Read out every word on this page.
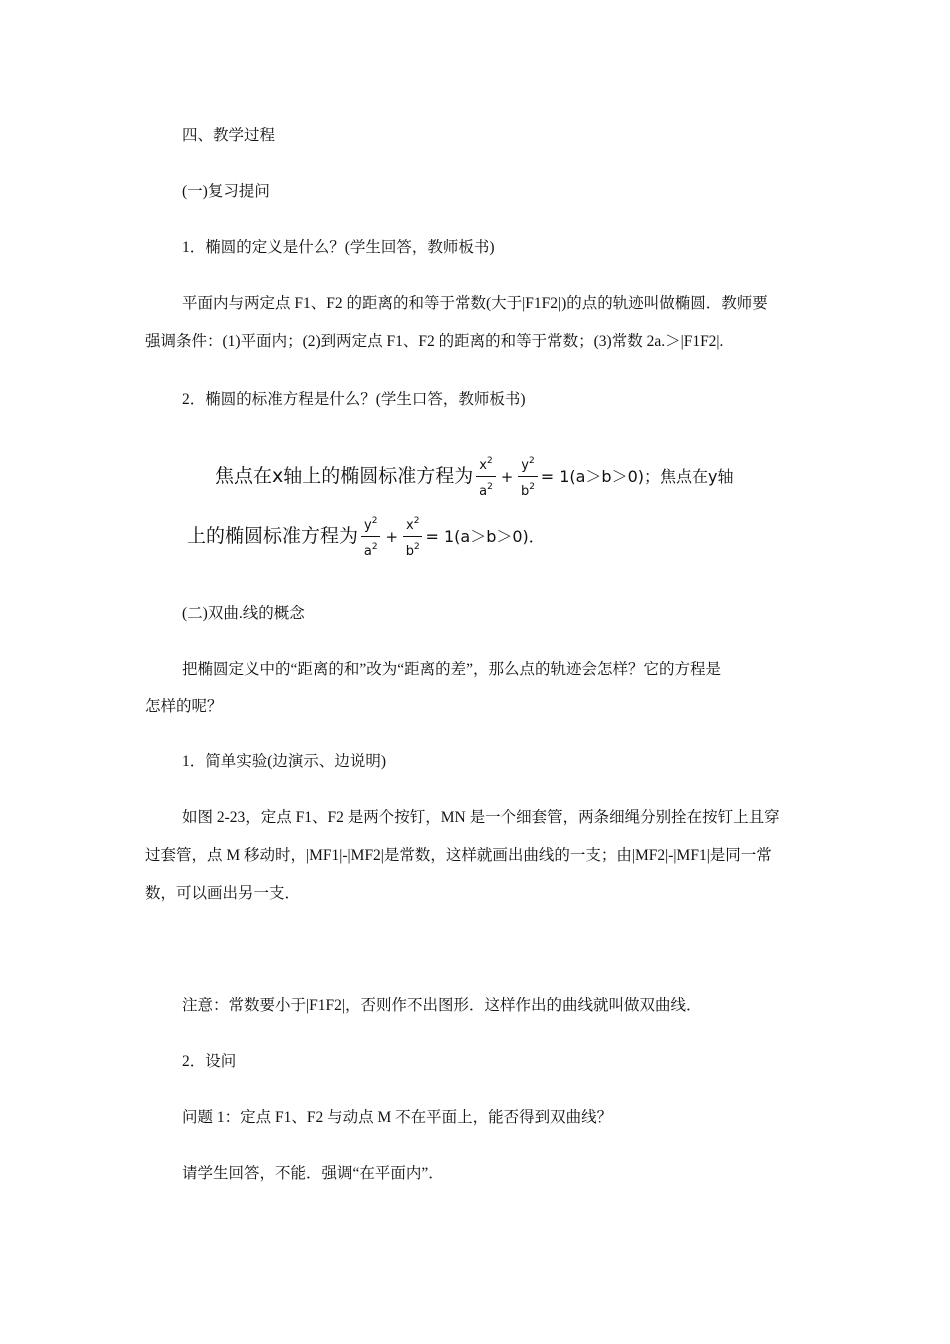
四、教学过程
(一)复习提问
1．椭圆的定义是什么？(学生回答，教师板书)
平面内与两定点 F1、F2 的距离的和等于常数(大于|F1F2|)的点的轨迹叫做椭圆．教师要
强调条件：(1)平面内；(2)到两定点 F1、F2 的距离的和等于常数；(3)常数 2a.＞|F1F2|.
2．椭圆的标准方程是什么？(学生口答，教师板书)
焦点在x轴上的椭圆标准方程为 $\frac{x^2}{a^2} + \frac{y^2}{b^2} = 1(a>b>0)$；焦点在y轴
上的椭圆标准方程为 $\frac{y^2}{a^2} + \frac{x^2}{b^2} = 1(a>b>0)$．
(二)双曲.线的概念
把椭圆定义中的“距离的和”改为“距离的差”，那么点的轨迹会怎样？它的方程是
怎样的呢？
1．简单实验(边演示、边说明)
如图 2-23，定点 F1、F2 是两个按钉，MN 是一个细套管，两条细绳分别拴在按钉上且穿
过套管，点 M 移动时，|MF1|-|MF2|是常数，这样就画出曲线的一支；由|MF2|-|MF1|是同一常
数，可以画出另一支．
注意：常数要小于|F1F2|，否则作不出图形．这样作出的曲线就叫做双曲线．
2．设问
问题 1：定点 F1、F2 与动点 M 不在平面上，能否得到双曲线？
请学生回答，不能．强调“在平面内”．
